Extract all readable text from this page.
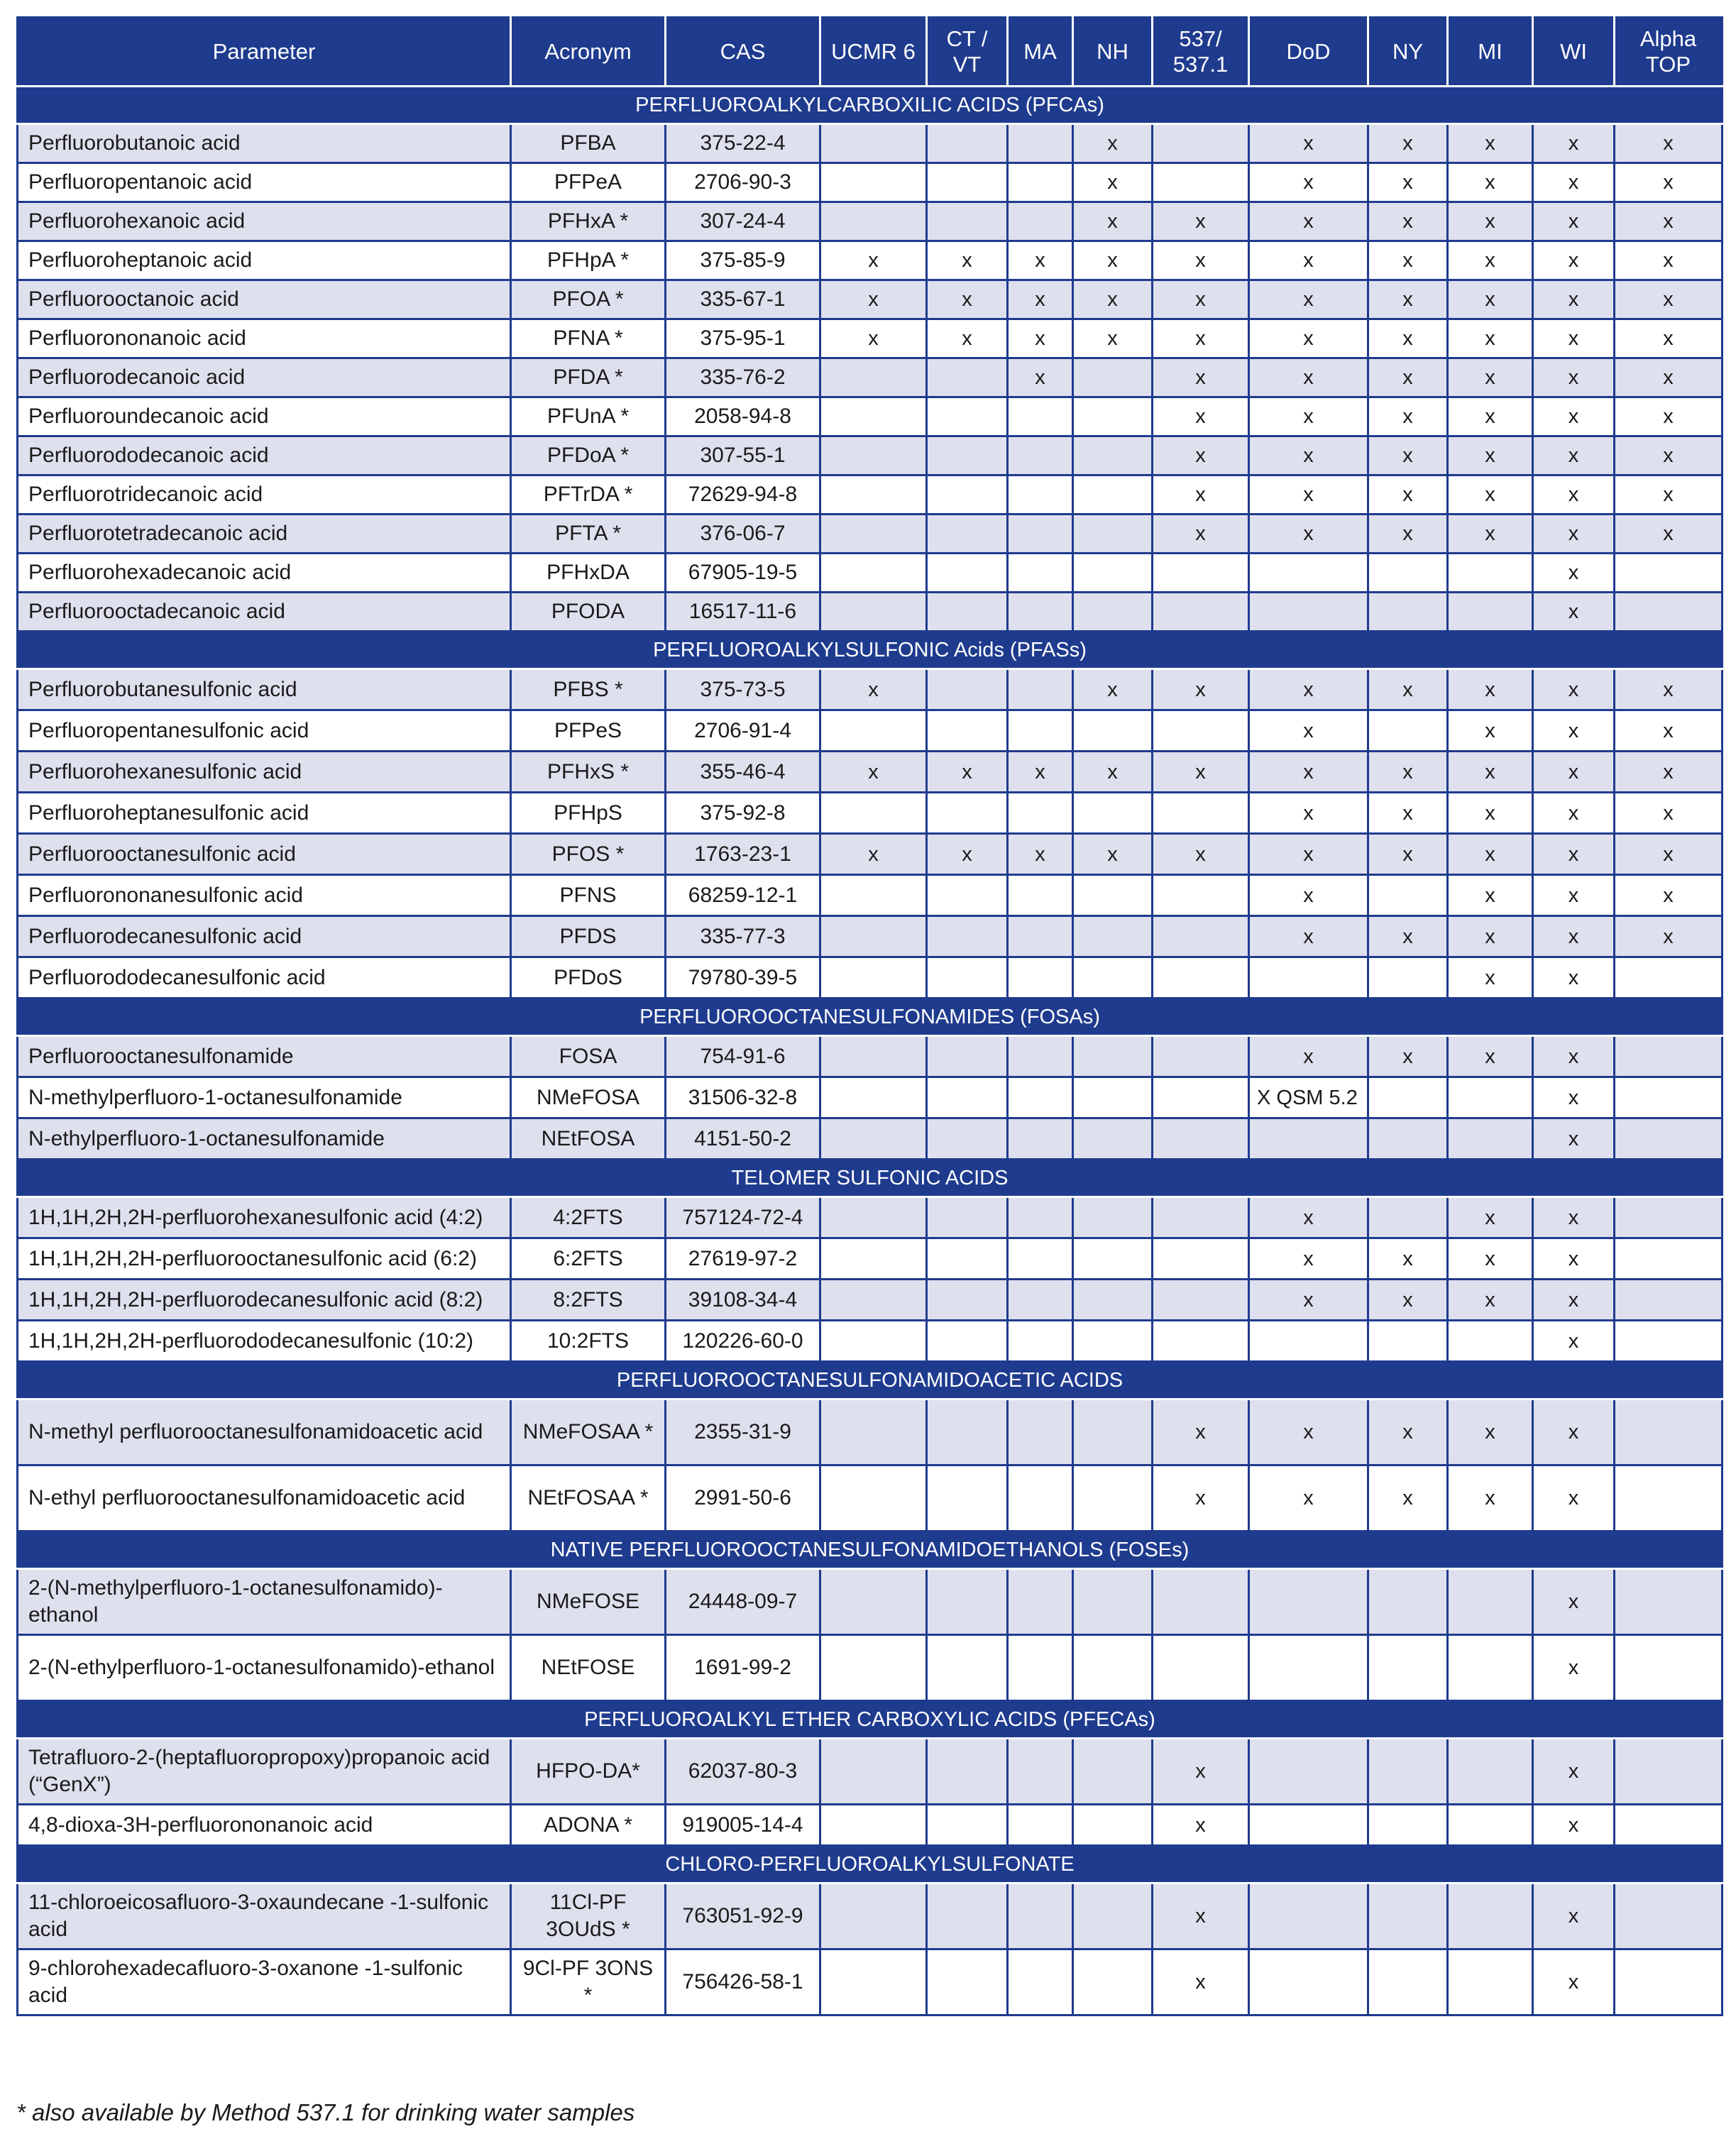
Parameter	Acronym	CAS	UCMR 6	CT / VT	MA	NH	537/ 537.1	DoD	NY	MI	WI	Alpha TOP
PERFLUOROALKYLCARBOXILIC ACIDS (PFCAs)												
Perfluorobutanoic acid	PFBA	375-22-4				x		x	x	x	x	x
Perfluoropentanoic acid	PFPeA	2706-90-3				x		x	x	x	x	x
Perfluorohexanoic acid	PFHxA *	307-24-4				x	x	x	x	x	x	x
Perfluoroheptanoic acid	PFHpA *	375-85-9	x	x	x	x	x	x	x	x	x	x
Perfluorooctanoic acid	PFOA *	335-67-1	x	x	x	x	x	x	x	x	x	x
Perfluorononanoic acid	PFNA *	375-95-1	x	x	x	x	x	x	x	x	x	x
Perfluorodecanoic acid	PFDA *	335-76-2			x		x	x	x	x	x	x
Perfluoroundecanoic acid	PFUnA *	2058-94-8					x	x	x	x	x	x
Perfluorododecanoic acid	PFDoA *	307-55-1					x	x	x	x	x	x
Perfluorotridecanoic acid	PFTrDA *	72629-94-8					x	x	x	x	x	x
Perfluorotetradecanoic acid	PFTA *	376-06-7					x	x	x	x	x	x
Perfluorohexadecanoic acid	PFHxDA	67905-19-5									x	
Perfluorooctadecanoic acid	PFODA	16517-11-6									x	
PERFLUOROALKYLSULFONIC Acids (PFASs)												
Perfluorobutanesulfonic acid	PFBS *	375-73-5	x			x	x	x	x	x	x	x
Perfluoropentanesulfonic acid	PFPeS	2706-91-4						x		x	x	x
Perfluorohexanesulfonic acid	PFHxS *	355-46-4	x	x	x	x	x	x	x	x	x	x
Perfluoroheptanesulfonic acid	PFHpS	375-92-8						x	x	x	x	x
Perfluorooctanesulfonic acid	PFOS *	1763-23-1	x	x	x	x	x	x	x	x	x	x
Perfluorononanesulfonic acid	PFNS	68259-12-1						x		x	x	x
Perfluorodecanesulfonic acid	PFDS	335-77-3						x	x	x	x	x
Perfluorododecanesulfonic acid	PFDoS	79780-39-5								x	x	
PERFLUOROOCTANESULFONAMIDES (FOSAs)												
Perfluorooctanesulfonamide	FOSA	754-91-6						x	x	x	x	
N-methylperfluoro-1-octanesulfonamide	NMeFOSA	31506-32-8						X QSM 5.2			x	
N-ethylperfluoro-1-octanesulfonamide	NEtFOSA	4151-50-2									x	
TELOMER SULFONIC ACIDS												
1H,1H,2H,2H-perfluorohexanesulfonic acid (4:2)	4:2FTS	757124-72-4						x		x	x	
1H,1H,2H,2H-perfluorooctanesulfonic acid (6:2)	6:2FTS	27619-97-2						x	x	x	x	
1H,1H,2H,2H-perfluorodecanesulfonic acid (8:2)	8:2FTS	39108-34-4						x	x	x	x	
1H,1H,2H,2H-perfluorododecanesulfonic (10:2)	10:2FTS	120226-60-0									x	
PERFLUOROOCTANESULFONAMIDOACETIC ACIDS												
N-methyl perfluorooctanesulfonamidoacetic acid	NMeFOSAA *	2355-31-9					x	x	x	x	x	
N-ethyl perfluorooctanesulfonamidoacetic acid	NEtFOSAA *	2991-50-6					x	x	x	x	x	
NATIVE PERFLUOROOCTANESULFONAMIDOETHANOLS (FOSEs)												
2-(N-methylperfluoro-1-octanesulfonamido)-ethanol	NMeFOSE	24448-09-7									x	
2-(N-ethylperfluoro-1-octanesulfonamido)-ethanol	NEtFOSE	1691-99-2									x	
PERFLUOROALKYL ETHER CARBOXYLIC ACIDS (PFECAs)												
Tetrafluoro-2-(heptafluoropropoxy)propanoic acid (“GenX”)	HFPO-DA*	62037-80-3					x				x	
4,8-dioxa-3H-perfluorononanoic acid	ADONA *	919005-14-4					x				x	
CHLORO-PERFLUOROALKYLSULFONATE												
11-chloroeicosafluoro-3-oxaundecane -1-sulfonic acid	11Cl-PF 3OUdS *	763051-92-9					x				x	
9-chlorohexadecafluoro-3-oxanone -1-sulfonic acid	9Cl-PF 3ONS *	756426-58-1					x				x	
* also available by Method 537.1 for drinking water samples
